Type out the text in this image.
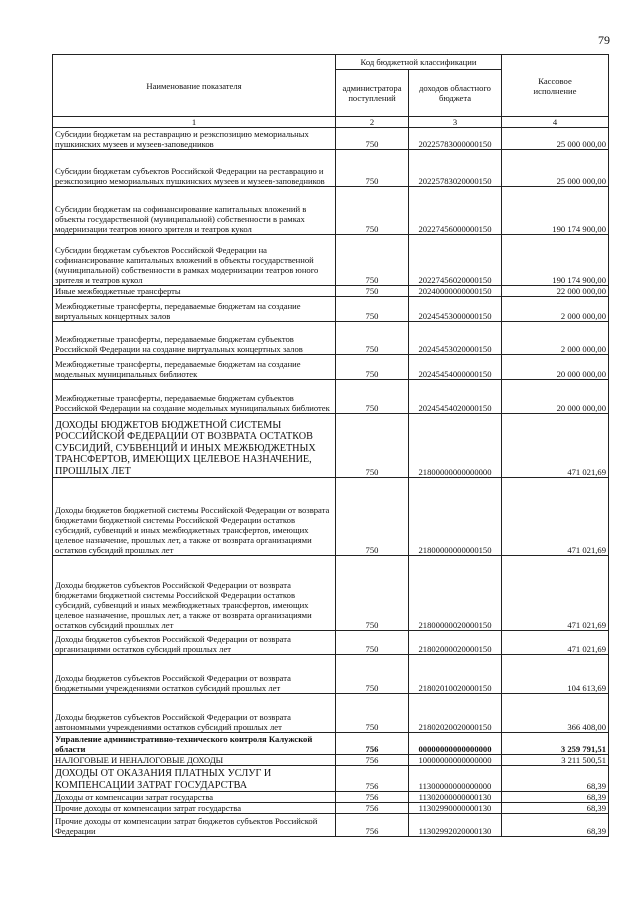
79
Наименование показателя	Код бюджетной классификации		Кассовое исполнение
	администратора поступлений	доходов областного бюджета	
1	2	3	4
Субсидии бюджетам на реставрацию и реэкспозицию мемориальных пушкинских музеев и музеев-заповедников	750	20225783000000150	25 000 000,00
Субсидии бюджетам субъектов Российской Федерации на реставрацию и реэкспозицию мемориальных пушкинских музеев и музеев-заповедников	750	20225783020000150	25 000 000,00
Субсидии бюджетам на софинансирование капитальных вложений в объекты государственной (муниципальной) собственности в рамках модернизации театров юного зрителя и театров кукол	750	20227456000000150	190 174 900,00
Субсидии бюджетам субъектов Российской Федерации на софинансирование капитальных вложений в объекты государственной (муниципальной) собственности в рамках модернизации театров юного зрителя и театров кукол	750	20227456020000150	190 174 900,00
Иные межбюджетные трансферты	750	20240000000000150	22 000 000,00
Межбюджетные трансферты, передаваемые бюджетам на создание виртуальных концертных залов	750	20245453000000150	2 000 000,00
Межбюджетные трансферты, передаваемые бюджетам субъектов Российской Федерации на создание виртуальных концертных залов	750	20245453020000150	2 000 000,00
Межбюджетные трансферты, передаваемые бюджетам на создание модельных муниципальных библиотек	750	20245454000000150	20 000 000,00
Межбюджетные трансферты, передаваемые бюджетам субъектов Российской Федерации на создание модельных муниципальных библиотек	750	20245454020000150	20 000 000,00
ДОХОДЫ БЮДЖЕТОВ БЮДЖЕТНОЙ СИСТЕМЫ РОССИЙСКОЙ ФЕДЕРАЦИИ ОТ ВОЗВРАТА ОСТАТКОВ СУБСИДИЙ, СУБВЕНЦИЙ И ИНЫХ МЕЖБЮДЖЕТНЫХ ТРАНСФЕРТОВ, ИМЕЮЩИХ ЦЕЛЕВОЕ НАЗНАЧЕНИЕ, ПРОШЛЫХ ЛЕТ	750	21800000000000000	471 021,69
Доходы бюджетов бюджетной системы Российской Федерации от возврата бюджетами бюджетной системы Российской Федерации остатков субсидий, субвенций и иных межбюджетных трансфертов, имеющих целевое назначение, прошлых лет, а также от возврата организациями остатков субсидий прошлых лет	750	21800000000000150	471 021,69
Доходы бюджетов субъектов Российской Федерации от возврата бюджетами бюджетной системы Российской Федерации остатков субсидий, субвенций и иных межбюджетных трансфертов, имеющих целевое назначение, прошлых лет, а также от возврата организациями остатков субсидий прошлых лет	750	21800000020000150	471 021,69
Доходы бюджетов субъектов Российской Федерации от возврата организациями остатков субсидий прошлых лет	750	21802000020000150	471 021,69
Доходы бюджетов субъектов Российской Федерации от возврата бюджетными учреждениями остатков субсидий прошлых лет	750	21802010020000150	104 613,69
Доходы бюджетов субъектов Российской Федерации от возврата автономными учреждениями остатков субсидий прошлых лет	750	21802020020000150	366 408,00
Управление административно-технического контроля Калужской области	756	00000000000000000	3 259 791,51
НАЛОГОВЫЕ И НЕНАЛОГОВЫЕ ДОХОДЫ	756	10000000000000000	3 211 500,51
ДОХОДЫ ОТ ОКАЗАНИЯ ПЛАТНЫХ УСЛУГ И КОМПЕНСАЦИИ ЗАТРАТ ГОСУДАРСТВА	756	11300000000000000	68,39
Доходы от компенсации затрат государства	756	11302000000000130	68,39
Прочие доходы от компенсации затрат государства	756	11302990000000130	68,39
Прочие доходы от компенсации затрат бюджетов субъектов Российской Федерации	756	11302992020000130	68,39
